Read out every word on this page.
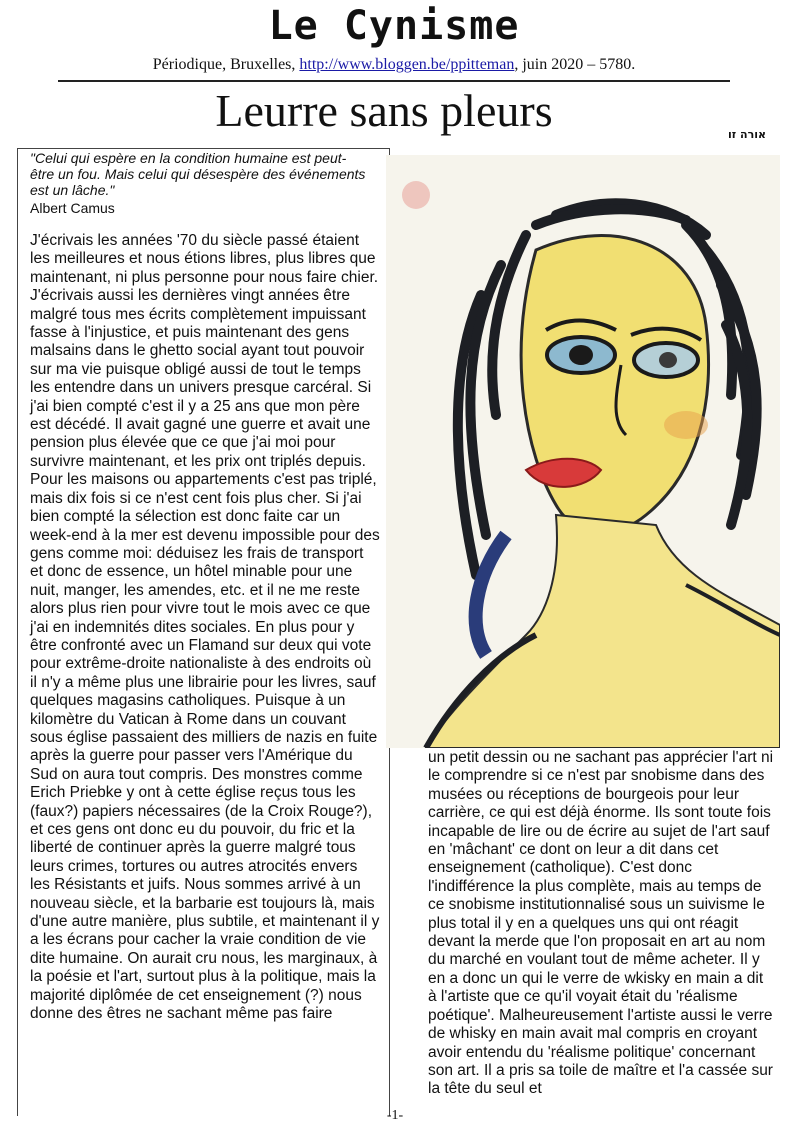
Le Cynisme
Périodique, Bruxelles, http://www.bloggen.be/ppitteman, juin 2020 – 5780.
Leurre sans pleurs	אורה זו
"Celui qui espère en la condition humaine est peut-être un fou. Mais celui qui désespère des événements est un lâche."
Albert Camus

J'écrivais les années '70 du siècle passé étaient les meilleures et nous étions libres, plus libres que maintenant, ni plus personne pour nous faire chier. J'écrivais aussi les dernières vingt années être malgré tous mes écrits complètement impuissant fasse à l'injustice, et puis maintenant des gens malsains dans le ghetto social ayant tout pouvoir sur ma vie puisque obligé aussi de tout le temps les entendre dans un univers presque carcéral. Si j'ai bien compté c'est il y a 25 ans que mon père est décédé. Il avait gagné une guerre et avait une pension plus élevée que ce que j'ai moi pour survivre maintenant, et les prix ont triplés depuis. Pour les maisons ou appartements c'est pas triplé, mais dix fois si ce n'est cent fois plus cher. Si j'ai bien compté la sélection est donc faite car un week-end à la mer est devenu impossible pour des gens comme moi: déduisez les frais de transport et donc de essence, un hôtel minable pour une nuit, manger, les amendes, etc. et il ne me reste alors plus rien pour vivre tout le mois avec ce que j'ai en indemnités dites sociales. En plus pour y être confronté avec un Flamand sur deux qui vote pour extrême-droite nationaliste à des endroits où il n'y a même plus une librairie pour les livres, sauf quelques magasins catholiques. Puisque à un kilomètre du Vatican à Rome dans un couvant sous église passaient des milliers de nazis en fuite après la guerre pour passer vers l'Amérique du Sud on aura tout compris. Des monstres comme Erich Priebke y ont à cette église reçus tous les (faux?) papiers nécessaires (de la Croix Rouge?), et ces gens ont donc eu du pouvoir, du fric et la liberté de continuer après la guerre malgré tous leurs crimes, tortures ou autres atrocités envers les Résistants et juifs. Nous sommes arrivé à un nouveau siècle, et la barbarie est toujours là, mais d'une autre manière, plus subtile, et maintenant il y a les écrans pour cacher la vraie condition de vie dite humaine. On aurait cru nous, les marginaux, à la poésie et l'art, surtout plus à la politique, mais la majorité diplômée de cet enseignement (?) nous donne des êtres ne sachant même pas faire

un petit dessin ou ne sachant pas apprécier l'art ni le comprendre si ce n'est par snobisme dans des musées ou réceptions de bourgeois pour leur carrière, ce qui est déjà énorme. Ils sont toute fois incapable de lire ou de écrire au sujet de l'art sauf en 'mâchant' ce dont on leur a dit dans cet enseignement (catholique). C'est donc l'indifférence la plus complète, mais au temps de ce snobisme institutionnalisé sous un suivisme le plus total il y en a quelques uns qui ont réagit devant la merde que l'on proposait en art au nom du marché en voulant tout de même acheter. Il y en a donc un qui le verre de wkisky en main a dit à l'artiste que ce qu'il voyait était du 'réalisme poétique'. Malheureusement l'artiste aussi le verre de whisky en main avait mal compris en croyant avoir entendu du 'réalisme politique' concernant son art. Il a pris sa toile de maître et l'a cassée sur la tête du seul et

-1-
